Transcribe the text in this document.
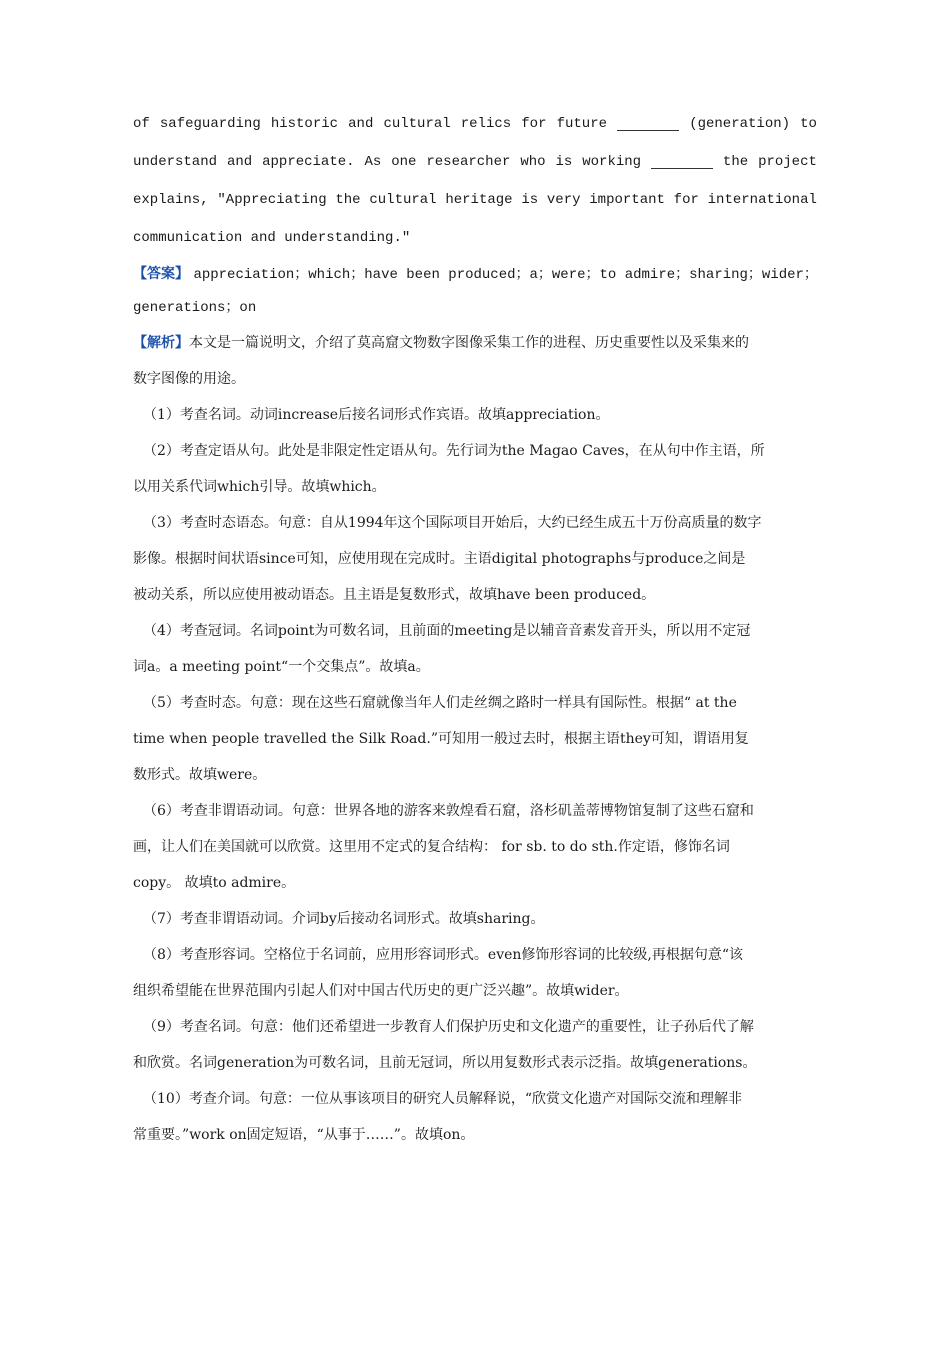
of safeguarding historic and cultural relics for future	(generation) to
understand and appreciate. As one researcher who is working	the project
explains, "Appreciating the cultural heritage is very important for international
communication and understanding."
【答案】 appreciation；which；have been produced；a；were；to admire；sharing；wider；
generations；on

【解析】本文是一篇说明文，介绍了莫高窟文物数字图像采集工作的进程、历史重要性以及采集来的
数字图像的用途。

（1）考查名词。动词increase后接名词形式作宾语。故填appreciation。

（2）考查定语从句。此处是非限定性定语从句。先行词为the Magao Caves，在从句中作主语，所
以用关系代词which引导。故填which。

（3）考查时态语态。句意：自从1994年这个国际项目开始后，大约已经生成五十万份高质量的数字
影像。根据时间状语since可知，应使用现在完成时。主语digital photographs与produce之间是
被动关系，所以应使用被动语态。且主语是复数形式，故填have been produced。

（4）考查冠词。名词point为可数名词，且前面的meeting是以辅音音素发音开头，所以用不定冠
词a。a meeting point“一个交集点”。故填a。

（5）考查时态。句意：现在这些石窟就像当年人们走丝绸之路时一样具有国际性。根据“ at the
time when people travelled the Silk Road.”可知用一般过去时，根据主语they可知，谓语用复
数形式。故填were。

（6）考查非谓语动词。句意：世界各地的游客来敦煌看石窟，洛杉矶盖蒂博物馆复制了这些石窟和
画，让人们在美国就可以欣赏。这里用不定式的复合结构： for sb. to do sth.作定语，修饰名词
copy。 故填to admire。

（7）考查非谓语动词。介词by后接动名词形式。故填sharing。

（8）考查形容词。空格位于名词前，应用形容词形式。even修饰形容词的比较级,再根据句意“该
组织希望能在世界范围内引起人们对中国古代历史的更广泛兴趣”。故填wider。

（9）考查名词。句意：他们还希望进一步教育人们保护历史和文化遗产的重要性，让子孙后代了解
和欣赏。名词generation为可数名词，且前无冠词，所以用复数形式表示泛指。故填generations。

（10）考查介词。句意：一位从事该项目的研究人员解释说，“欣赏文化遗产对国际交流和理解非
常重要。”work on固定短语，“从事于……”。故填on。
